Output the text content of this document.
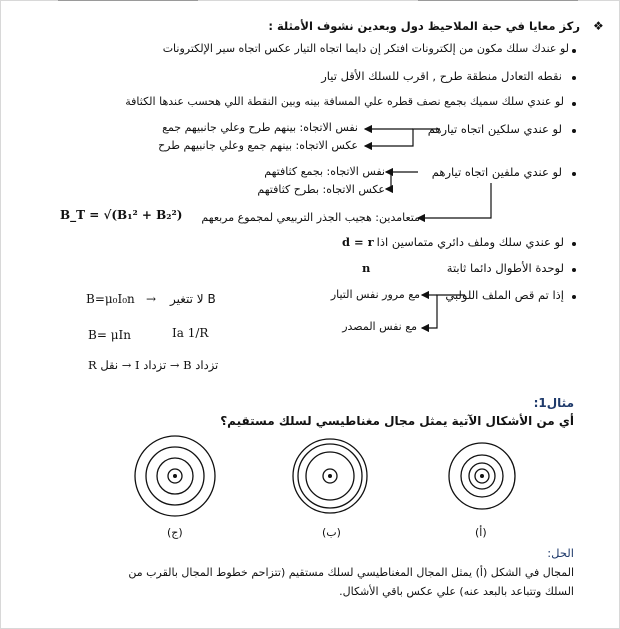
❖
ركز معايا في حبة الملاحيظ دول وبعدين نشوف الأمثلة :
لو عندك سلك مكون من إلكترونات افتكر إن دايما اتجاه التيار عكس اتجاه سير الإلكترونات
نقطه التعادل منطقة طرح , اقرب للسلك الأقل تيار
لو عندي سلك سميك بجمع نصف قطره علي المسافة بينه وبين النقطة اللي هحسب عندها الكثافة
لو عندي سلكين اتجاه تيارهم
نفس الاتجاه: بينهم طرح وعلي جانبيهم جمع
عكس الاتجاه: بينهم جمع وعلي جانبيهم طرح
لو عندي ملفين اتجاه تيارهم
نفس الاتجاه: بجمع كثافتهم
عكس الاتجاه: بطرح كثافتهم
متعامدين: هجيب الجذر التربيعي لمجموع مربعهم
B_T = √(B₁² + B₂²)
لو عندي سلك وملف دائري متماسين اذا
d = r
لوحدة الأطوال دائما ثابتة
n
إذا تم قص الملف اللولبي
مع مرور نفس التيار
مع نفس المصدر
B=μ₀I₀n → لا تتغير B
B= μIn	Ia 1/R
R نقل → I تزداد → B تزداد
مثال1:
أي من الأشكال الآتية يمثل مجال مغناطيسي لسلك مستقيم؟
(ج)	(ب)	(أ)
الحل:
المجال في الشكل (أ) يمثل المجال المغناطيسي لسلك مستقيم (تتزاحم خطوط المجال بالقرب من
السلك وتتباعد بالبعد عنه) علي عكس باقي الأشكال.
